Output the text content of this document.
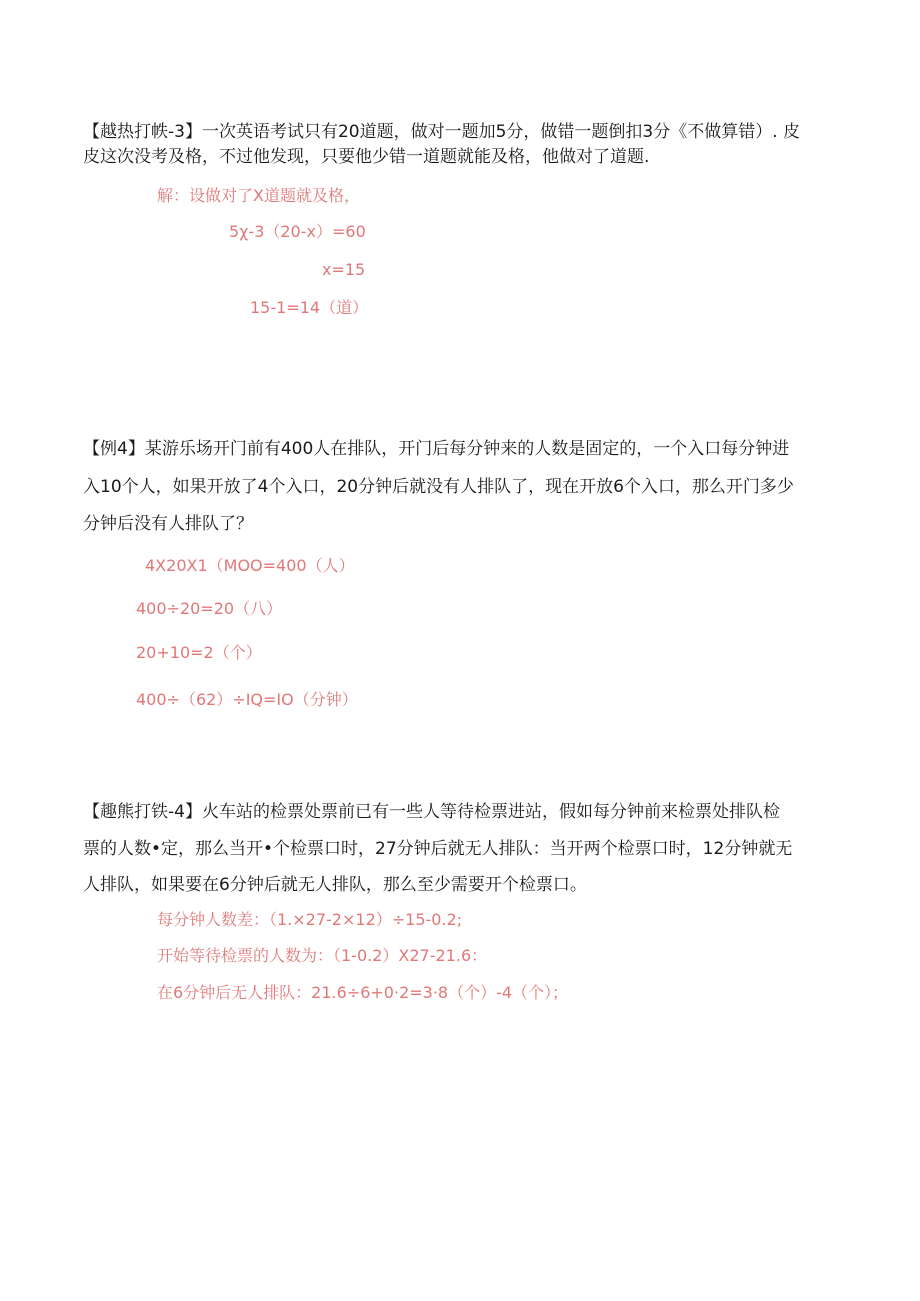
【越热打帙-3】一次英语考试只有20道题，做对一题加5分，做错一题倒扣3分《不做算错）. 皮
皮这次没考及格，不过他发现，只要他少错一道题就能及格，他做对了道题.
解：设做对了X道题就及格，
5χ-3（20-x）=60
x=15
15-1=14（道）
【例4】某游乐场开门前有400人在排队，开门后每分钟来的人数是固定的，一个入口每分钟进
入10个人，如果开放了4个入口，20分钟后就没有人排队了，现在开放6个入口，那么开门多少
分钟后没有人排队了？
4X20X1（MOO=400（人）
400÷20=20（八）
20+10=2（个）
400÷（62）÷IQ=IO（分钟）
【趣熊打铁-4】火车站的检票处票前已有一些人等待检票进站，假如每分钟前来检票处排队检
票的人数•定，那么当开•个检票口时，27分钟后就无人排队：当开两个检票口时，12分钟就无
人排队，如果要在6分钟后就无人排队，那么至少需要开个检票口。
每分钟人数差：（1.×27-2×12）÷15-0.2;
开始等待检票的人数为：（1-0.2）X27-21.6：
在6分钟后无人排队：21.6÷6+0·2=3·8（个）-4（个）；
